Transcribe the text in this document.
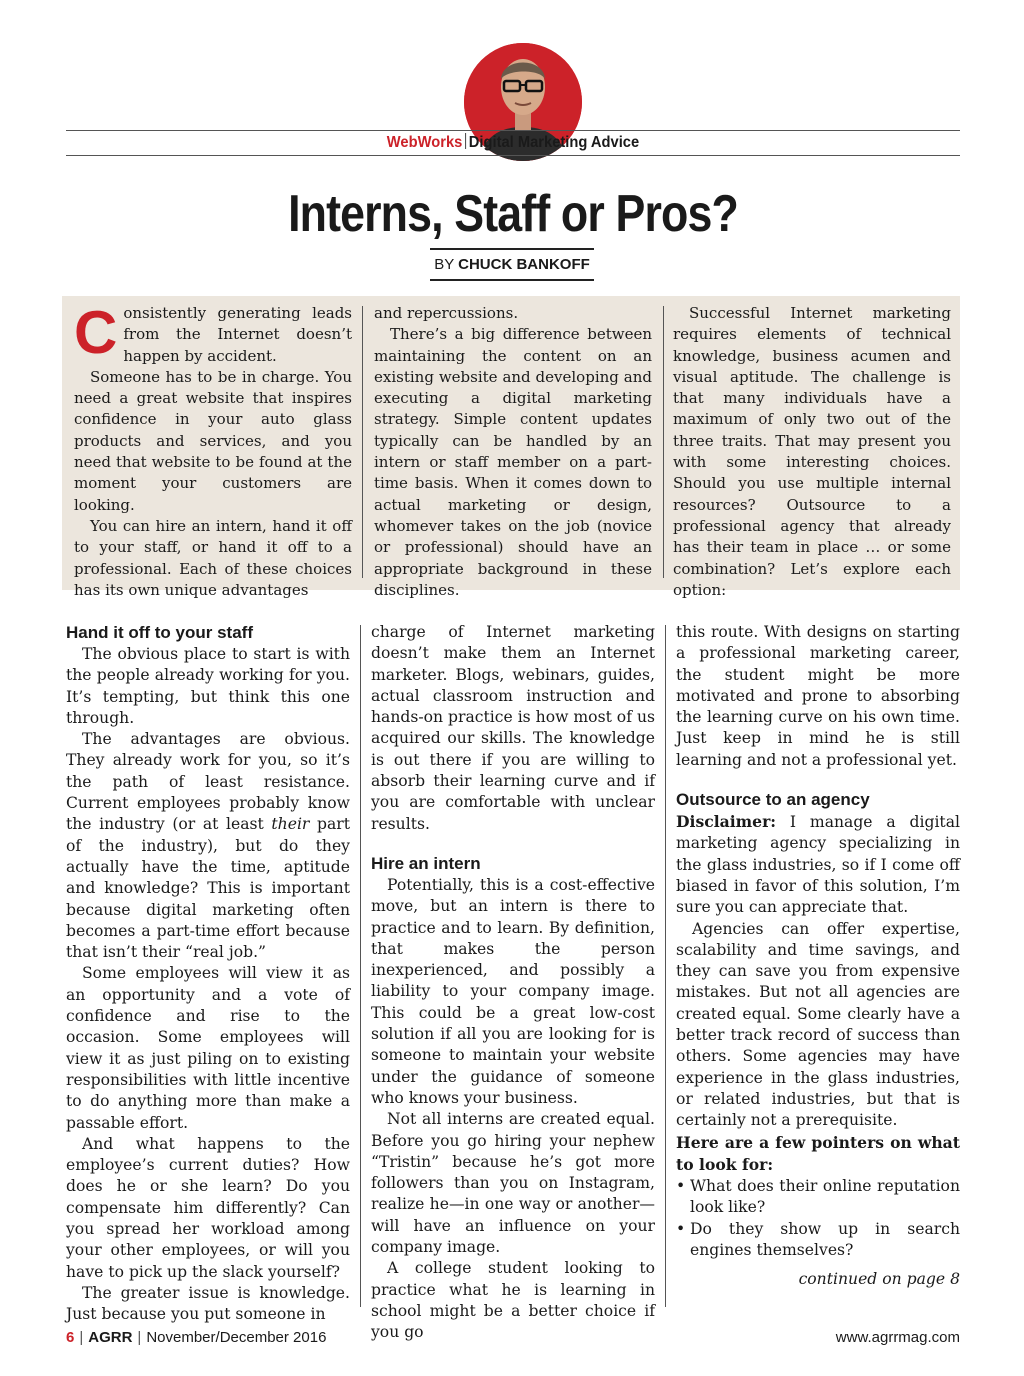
WebWorks Digital Marketing Advice
Interns, Staff or Pros?
BY CHUCK BANKOFF

Consistently generating leads from the Internet doesn’t happen by accident.

Someone has to be in charge. You need a great website that inspires confidence in your auto glass products and services, and you need that website to be found at the moment your customers are looking.

You can hire an intern, hand it off to your staff, or hand it off to a professional. Each of these choices has its own unique advantages

and repercussions.

There’s a big difference between maintaining the content on an existing website and developing and executing a digital marketing strategy. Simple content updates typically can be handled by an intern or staff member on a part-time basis. When it comes down to actual marketing or design, whomever takes on the job (novice or professional) should have an appropriate background in these disciplines.

Successful Internet marketing requires elements of technical knowledge, business acumen and visual aptitude. The challenge is that many individuals have a maximum of only two out of the three traits. That may present you with some interesting choices. Should you use multiple internal resources? Outsource to a professional agency that already has their team in place … or some combination? Let’s explore each option:

Hand it off to your staff

The obvious place to start is with the people already working for you. It’s tempting, but think this one through.

The advantages are obvious. They already work for you, so it’s the path of least resistance. Current employees probably know the industry (or at least their part of the industry), but do they actually have the time, aptitude and knowledge? This is important because digital marketing often becomes a part-time effort because that isn’t their “real job.”

Some employees will view it as an opportunity and a vote of confidence and rise to the occasion. Some employees will view it as just piling on to existing responsibilities with little incentive to do anything more than make a passable effort.

And what happens to the employee’s current duties? How does he or she learn? Do you compensate him differently? Can you spread her workload among your other employees, or will you have to pick up the slack yourself?

The greater issue is knowledge. Just because you put someone in

charge of Internet marketing doesn’t make them an Internet marketer. Blogs, webinars, guides, actual classroom instruction and hands-on practice is how most of us acquired our skills. The knowledge is out there if you are willing to absorb their learning curve and if you are comfortable with unclear results.

Hire an intern

Potentially, this is a cost-effective move, but an intern is there to practice and to learn. By definition, that makes the person inexperienced, and possibly a liability to your company image. This could be a great low-cost solution if all you are looking for is someone to maintain your website under the guidance of someone who knows your business.

Not all interns are created equal. Before you go hiring your nephew “Tristin” because he’s got more followers than you on Instagram, realize he—in one way or another—will have an influence on your company image.

A college student looking to practice what he is learning in school might be a better choice if you go

this route. With designs on starting a professional marketing career, the student might be more motivated and prone to absorbing the learning curve on his own time. Just keep in mind he is still learning and not a professional yet.

Outsource to an agency

Disclaimer: I manage a digital marketing agency specializing in the glass industries, so if I come off biased in favor of this solution, I’m sure you can appreciate that.

Agencies can offer expertise, scalability and time savings, and they can save you from expensive mistakes. But not all agencies are created equal. Some clearly have a better track record of success than others. Some agencies may have experience in the glass industries, or related industries, but that is certainly not a prerequisite.

Here are a few pointers on what to look for:

• What does their online reputation look like?
• Do they show up in search engines themselves?

continued on page 8

6 | AGRR | November/December 2016	www.agrrmag.com
